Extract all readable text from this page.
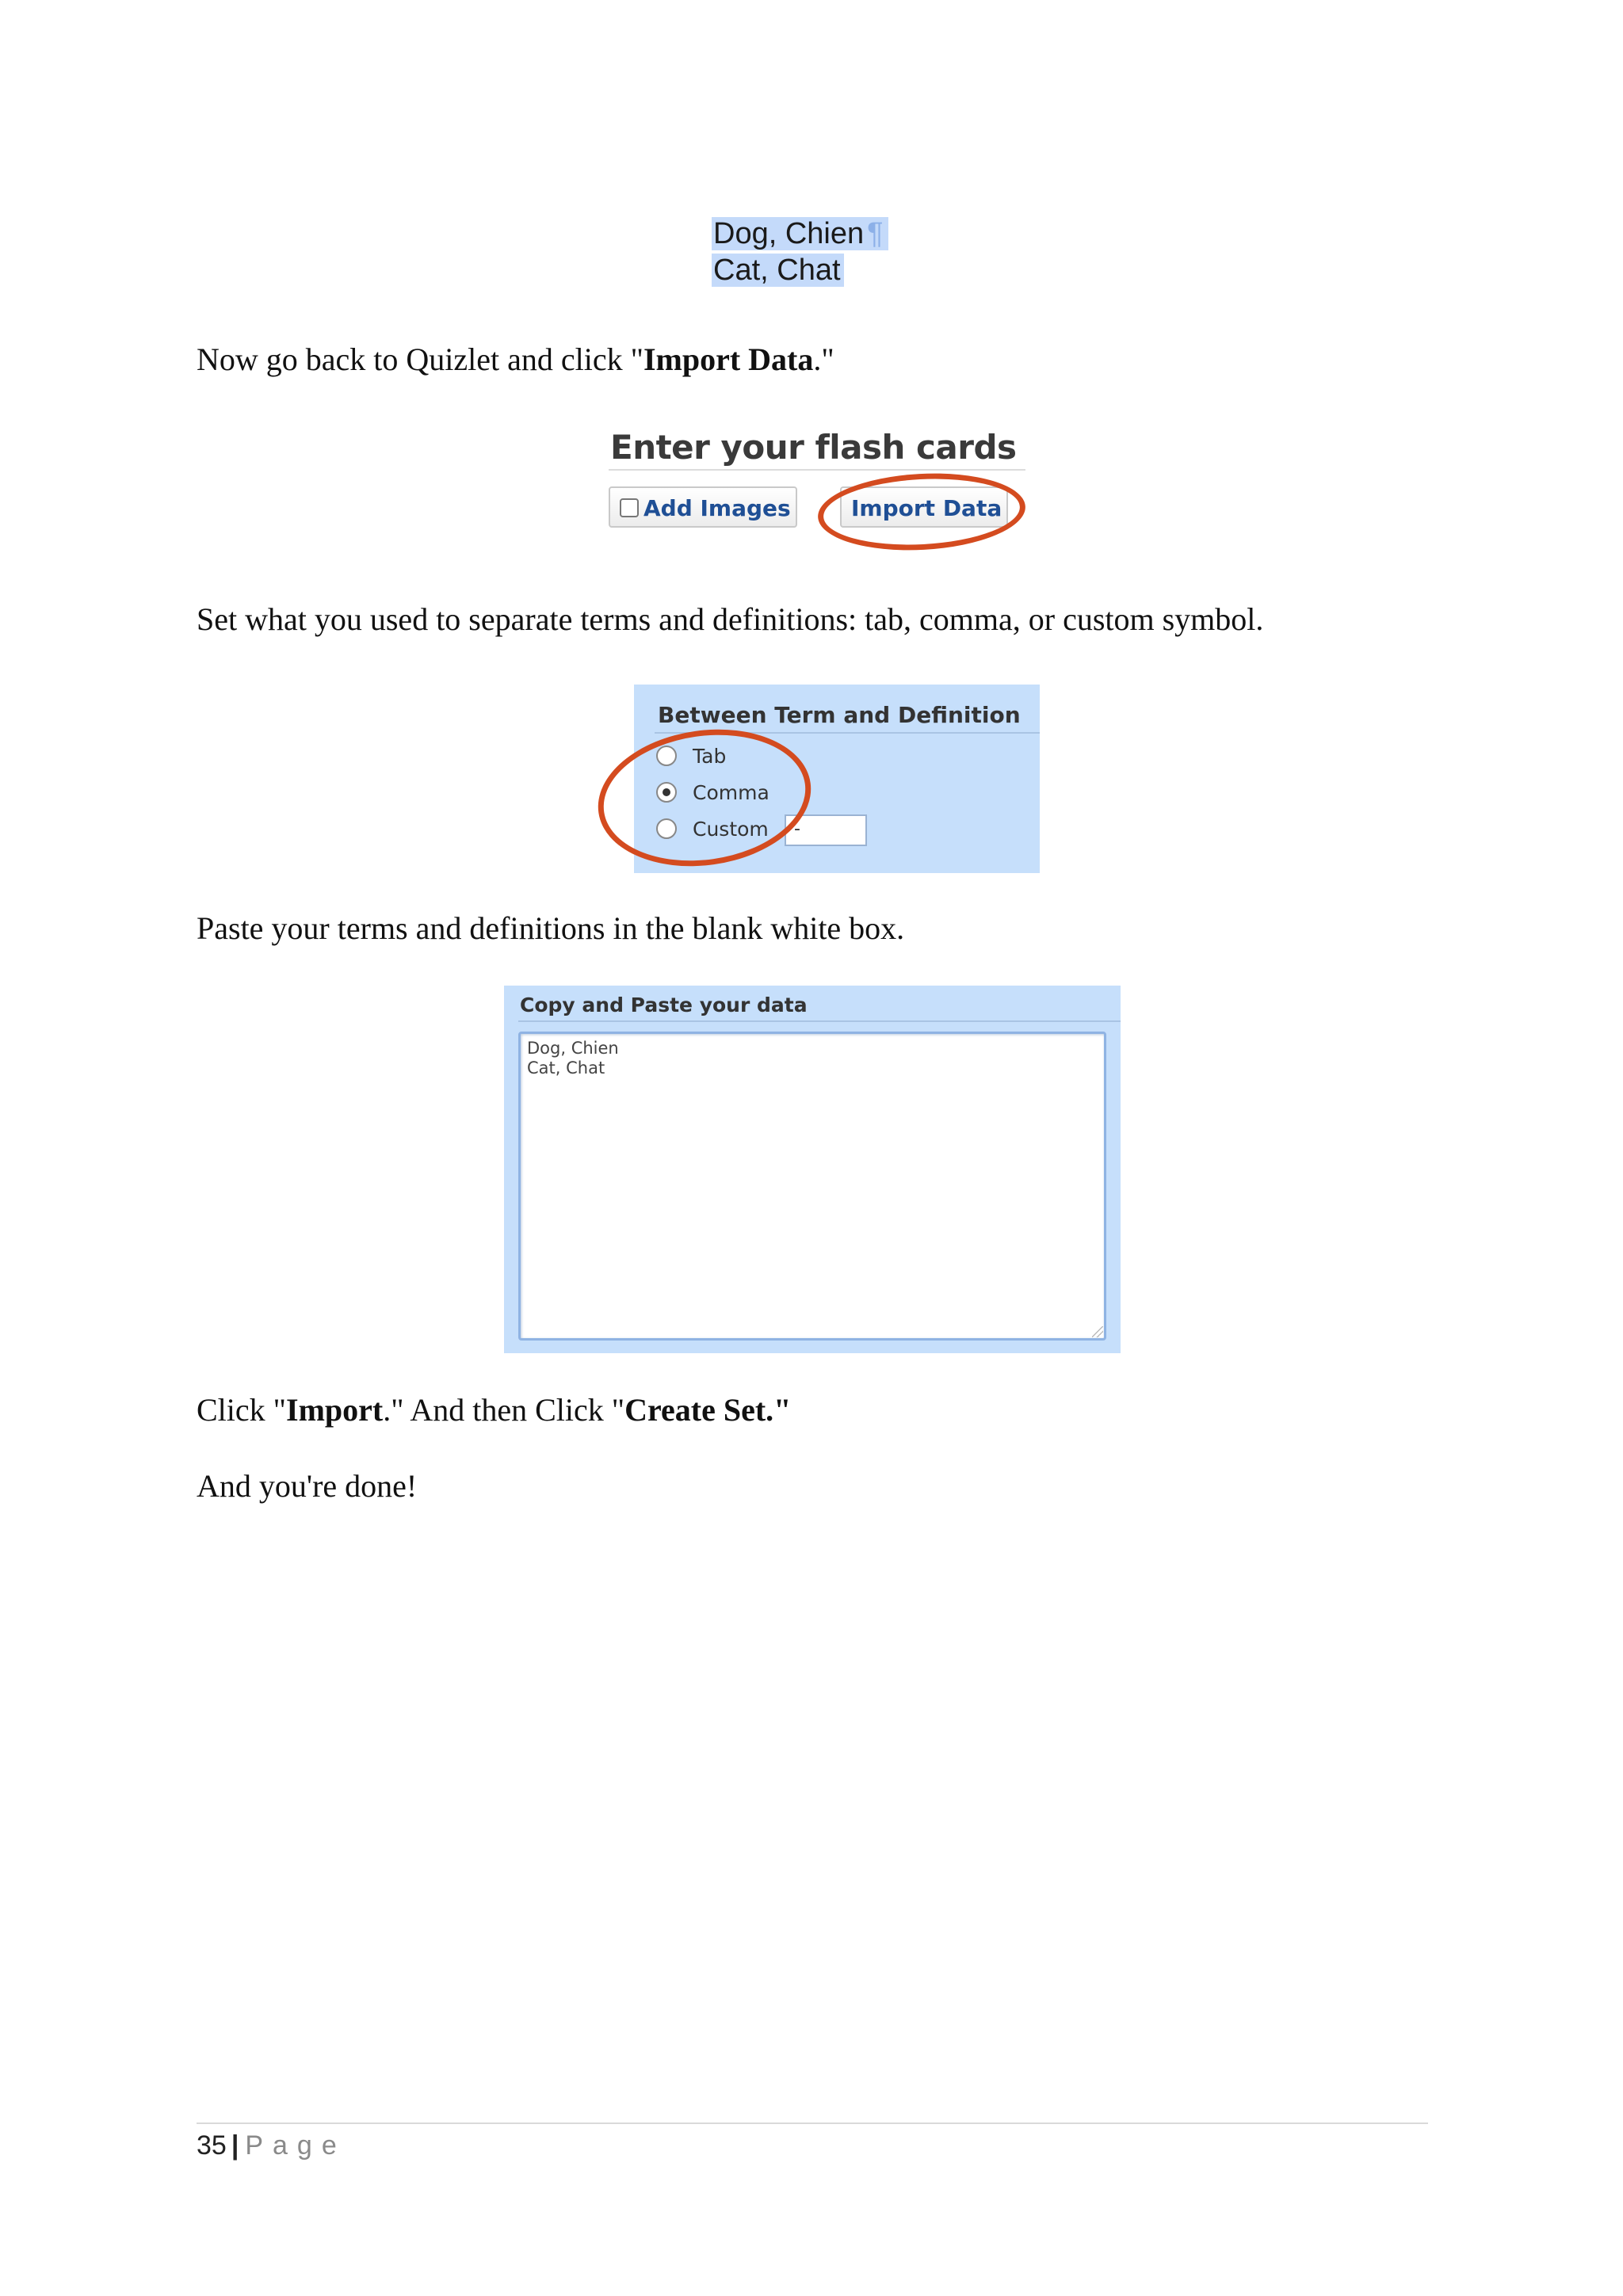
Dog, Chien ¶
Cat, Chat

Now go back to Quizlet and click "Import Data."

Enter your flash cards
Add Images	Import Data

Set what you used to separate terms and definitions: tab, comma, or custom symbol.

Between Term and Definition
Tab
Comma
Custom	-

Paste your terms and definitions in the blank white box.

Copy and Paste your data
Dog, Chien
Cat, Chat

Click "Import." And then Click "Create Set."

And you're done!

35 | Page
